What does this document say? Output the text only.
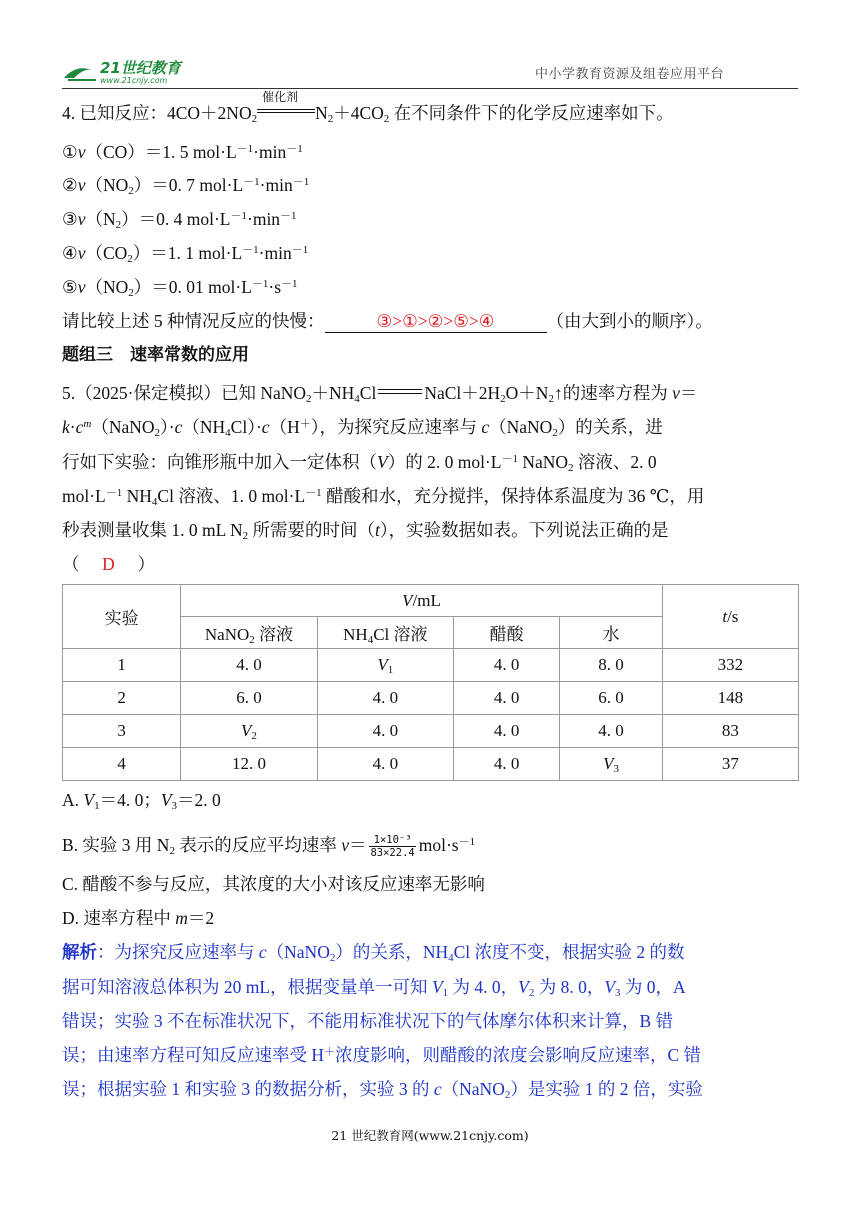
21世纪教育
www.21cnjy.com	中小学教育资源及组卷应用平台
4. 已知反应：$4CO+2NO_2$
催化剂
$N_2+4CO_2$ 在不同条件下的化学反应速率如下。
①v（CO）＝1. 5 $mol\cdot L^{-1}\cdot\min^{-1}$
$②v(NO_2)=0$. 7 $mol\cdot L^{-1}\cdot\min^{-1}$
$③v(N_2)=0$. 4 $mol\cdot L^{-1}\cdot\min^{-1}$
$④v(CO_2)=1$. 1 $mol\cdot L^{-1}\cdot\min^{-1}$
$⑤v(NO_2)=0$. 01 $mol\cdot L^{-1}\cdot s^{-1}$
请比较上述 5 种情况反应的快慢：	③>①>②>⑤>④	（由大到小的顺序）。
题组三　速率常数的应用
5.（2025·保定模拟）已知 $NaNO_2+NH_4Cl$	$NaCl+2H_2O+N_2↑$的速率方程为 v＝
$k\cdot c^m(NaNO_2)\cdot c(NH_4Cl)\cdot c(H^+)$，为探究反应速率与 c（NaNO$_2$）的关系，进
行如下实验：向锥形瓶中加入一定体积（V）的 2. 0 $mol\cdot L^{-1}$ NaNO$_2$ 溶液、2. 0
$mol\cdot L^{-1}$ $NH_4Cl$ 溶液、1. 0 $mol\cdot L^{-1}$ 醋酸和水，充分搅拌，保持体系温度为 36 ℃，用
秒表测量收集 1. 0 mL $N_2$ 所需要的时间（t），实验数据如表。下列说法正确的是
（ D ）
实验	V/mL				t/s
	NaNO$_2$ 溶液	$NH_4Cl$ 溶液	醋酸	水	
1	4. 0	$V_1$	4. 0	8. 0	332
2	6. 0	4. 0	4. 0	6. 0	148
3	$V_2$	4. 0	4. 0	4. 0	83
4	12. 0	4. 0	4. 0	$V_3$	37
A. $V_1=4$. 0；$V_3=2$. 0
B. 实验 3 用 $N_2$ 表示的反应平均速率 $v= \frac{\text{1×10⁻³}}{83\times 22.4} mol\cdot s^{-1}$
C. 醋酸不参与反应，其浓度的大小对该反应速率无影响
D. 速率方程中 m＝2
解析：为探究反应速率与 c（NaNO$_2$）的关系，$NH_4Cl$ 浓度不变，根据实验 2 的数
据可知溶液总体积为 20 mL，根据变量单一可知 $V_1$ 为 4. 0，$V_2$ 为 8. 0，$V_3$ 为 0，A
错误；实验 3 不在标准状况下，不能用标准状况下的气体摩尔体积来计算，B 错
误；由速率方程可知反应速率受 H＋浓度影响，则醋酸的浓度会影响反应速率，C 错
误；根据实验 1 和实验 3 的数据分析，实验 3 的 c（NaNO$_2$）是实验 1 的 2 倍，实验
21 世纪教育网(www.21cnjy.com)
